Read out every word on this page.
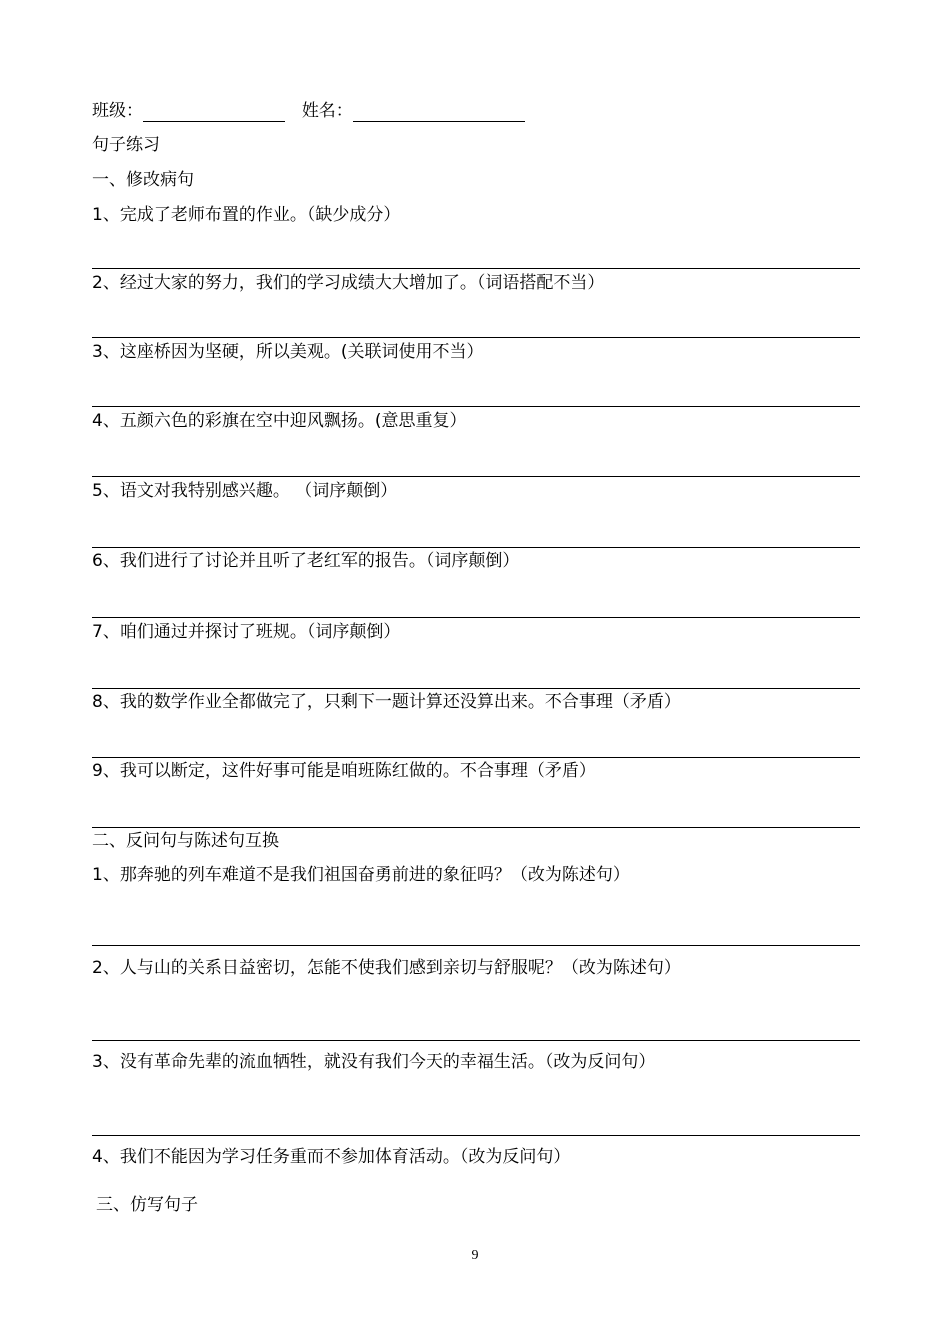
班级：	姓名：
句子练习
一、修改病句
1、完成了老师布置的作业。（缺少成分）
2、经过大家的努力，我们的学习成绩大大增加了。（词语搭配不当）
3、这座桥因为坚硬，所以美观。(关联词使用不当）
4、五颜六色的彩旗在空中迎风飘扬。(意思重复）
5、语文对我特别感兴趣。 （词序颠倒）
6、我们进行了讨论并且听了老红军的报告。（词序颠倒）
7、咱们通过并探讨了班规。（词序颠倒）
8、我的数学作业全都做完了，只剩下一题计算还没算出来。不合事理（矛盾）
9、我可以断定，这件好事可能是咱班陈红做的。不合事理（矛盾）
二、反问句与陈述句互换
1、那奔驰的列车难道不是我们祖国奋勇前进的象征吗？（改为陈述句）
2、人与山的关系日益密切，怎能不使我们感到亲切与舒服呢？（改为陈述句）
3、没有革命先辈的流血牺牲，就没有我们今天的幸福生活。（改为反问句）
4、我们不能因为学习任务重而不参加体育活动。（改为反问句）
三、仿写句子
9
